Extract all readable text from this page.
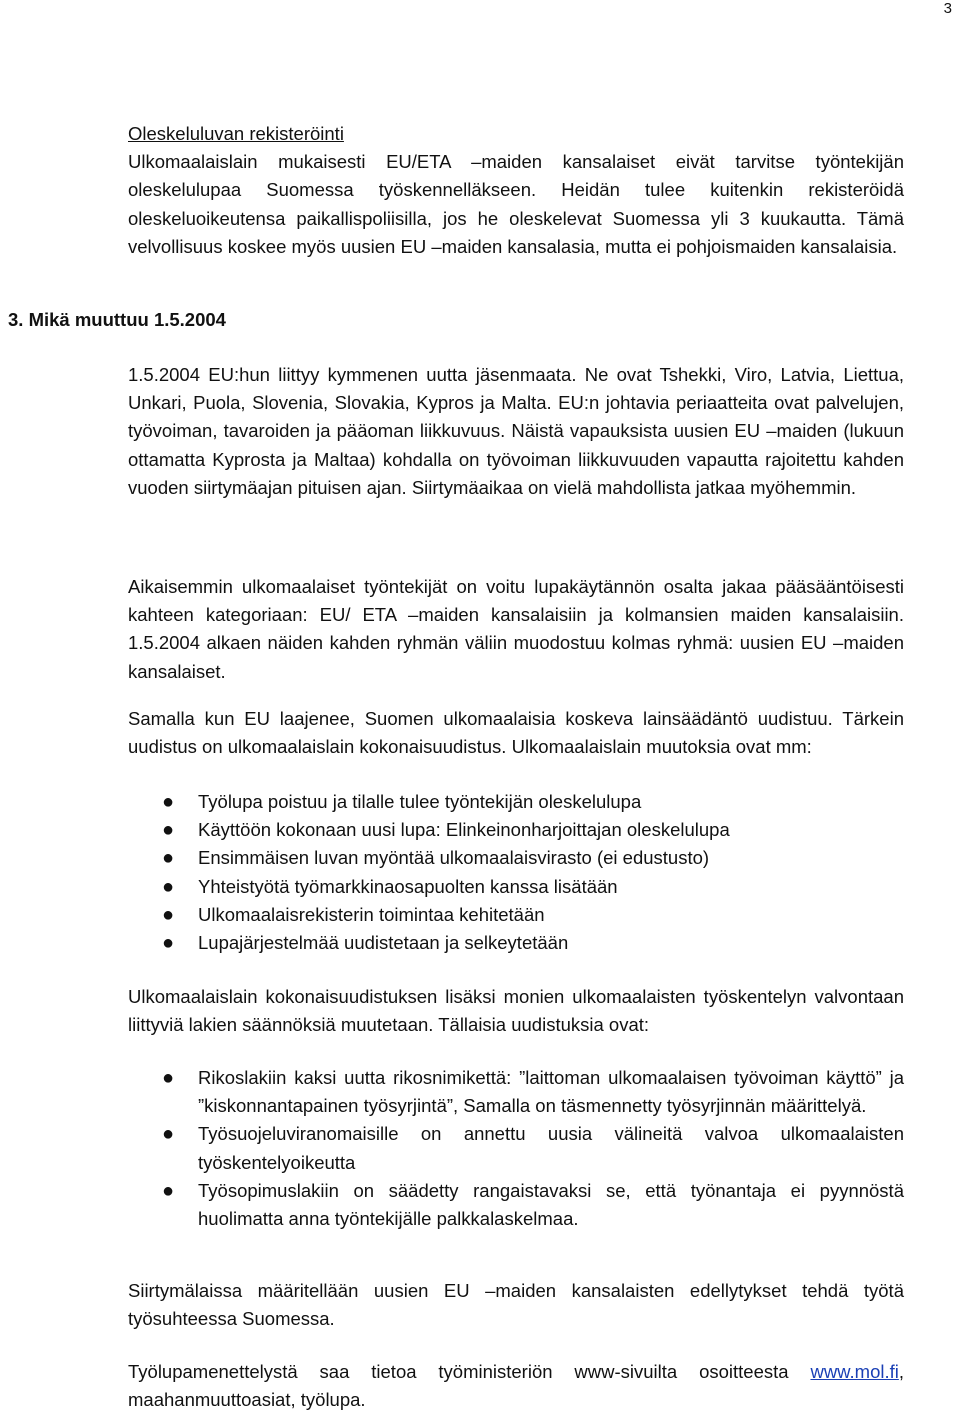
3
Oleskeluluvan rekisteröinti
Ulkomaalaislain mukaisesti EU/ETA –maiden kansalaiset eivät tarvitse työntekijän oleskelulupaa Suomessa työskennelläkseen. Heidän tulee kuitenkin rekisteröidä oleskeluoikeutensa paikallispoliisilla, jos he oleskelevat Suomessa yli 3 kuukautta. Tämä velvollisuus koskee myös uusien EU –maiden kansalasia, mutta ei pohjoismaiden kansalaisia.
3. Mikä muuttuu 1.5.2004

1.5.2004 EU:hun liittyy kymmenen uutta jäsenmaata. Ne ovat Tshekki, Viro, Latvia, Liettua, Unkari, Puola, Slovenia, Slovakia, Kypros ja Malta. EU:n johtavia periaatteita ovat palvelujen, työvoiman, tavaroiden ja pääoman liikkuvuus. Näistä vapauksista uusien EU –maiden (lukuun ottamatta Kyprosta ja Maltaa) kohdalla on työvoiman liikkuvuuden vapautta rajoitettu kahden vuoden siirtymäajan pituisen ajan. Siirtymäaikaa on vielä mahdollista jatkaa myöhemmin.

Aikaisemmin ulkomaalaiset työntekijät on voitu lupakäytännön osalta jakaa pääsääntöisesti kahteen kategoriaan: EU/ ETA –maiden kansalaisiin ja kolmansien maiden kansalaisiin. 1.5.2004 alkaen näiden kahden ryhmän väliin muodostuu kolmas ryhmä: uusien EU –maiden kansalaiset.

Samalla kun EU laajenee, Suomen ulkomaalaisia koskeva lainsäädäntö uudistuu. Tärkein uudistus on ulkomaalaislain kokonaisuudistus. Ulkomaalaislain muutoksia ovat mm:

● Työlupa poistuu ja tilalle tulee työntekijän oleskelulupa
● Käyttöön kokonaan uusi lupa: Elinkeinonharjoittajan oleskelulupa
● Ensimmäisen luvan myöntää ulkomaalaisvirasto (ei edustusto)
● Yhteistyötä työmarkkinaosapuolten kanssa lisätään
● Ulkomaalaisrekisterin toimintaa kehitetään
● Lupajärjestelmää uudistetaan ja selkeytetään

Ulkomaalaislain kokonaisuudistuksen lisäksi monien ulkomaalaisten työskentelyn valvontaan liittyviä lakien säännöksiä muutetaan. Tällaisia uudistuksia ovat:

● Rikoslakiin kaksi uutta rikosnimikettä: ”laittoman ulkomaalaisen työvoiman käyttö” ja ”kiskonnantapainen työsyrjintä”, Samalla on täsmennetty työsyrjinnän määrittelyä.
● Työsuojeluviranomaisille on annettu uusia välineitä valvoa ulkomaalaisten työskentelyoikeutta
● Työsopimuslakiin on säädetty rangaistavaksi se, että työnantaja ei pyynnöstä huolimatta anna työntekijälle palkkalaskelmaa.

Siirtymälaissa määritellään uusien EU –maiden kansalaisten edellytykset tehdä työtä työsuhteessa Suomessa.

Työlupamenettelystä saa tietoa työministeriön www-sivuilta osoitteesta www.mol.fi, maahanmuuttoasiat, työlupa.
